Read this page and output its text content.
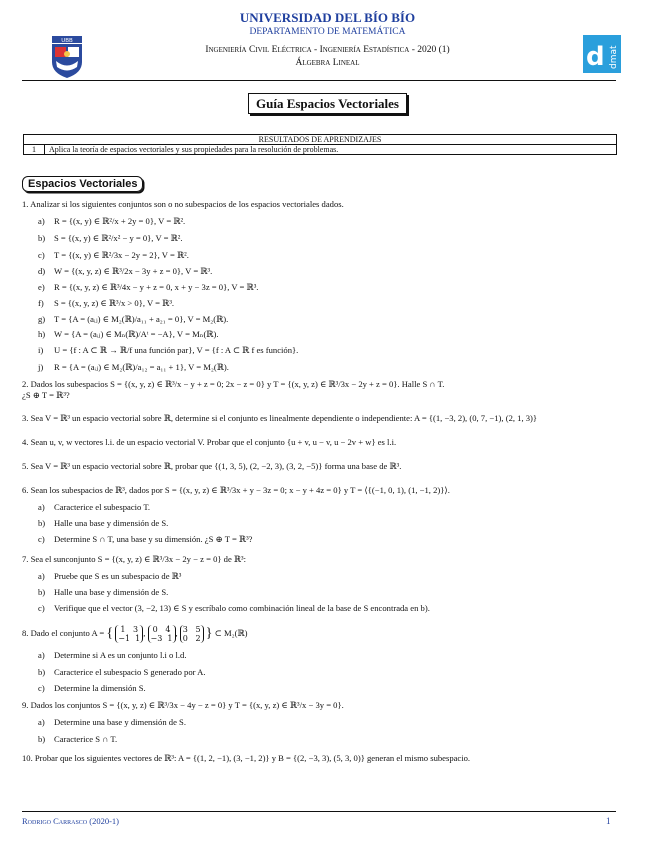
UNIVERSIDAD DEL BÍO BÍO
DEPARTAMENTO DE MATEMÁTICA
Ingeniería Civil Eléctrica - Ingeniería Estadística - 2020 (1)
Álgebra Lineal
UBB
d dmat
Guía Espacios Vectoriales
RESULTADOS DE APRENDIZAJES
1	Aplica la teoría de espacios vectoriales y sus propiedades para la resolución de problemas.
Espacios Vectoriales
1. Analizar si los siguientes conjuntos son o no subespacios de los espacios vectoriales dados.
a) R = {(x, y) ∈ ℝ²/x + 2y = 0}, V = ℝ².
b) S = {(x, y) ∈ ℝ²/x² − y = 0}, V = ℝ².
c) T = {(x, y) ∈ ℝ²/3x − 2y = 2}, V = ℝ².
d) W = {(x, y, z) ∈ ℝ³/2x − 3y + z = 0}, V = ℝ³.
e) R = {(x, y, z) ∈ ℝ³/4x − y + z = 0, x + y − 3z = 0}, V = ℝ³.
f) S = {(x, y, z) ∈ ℝ³/x > 0}, V = ℝ³.
g) T = {A = (aᵢⱼ) ∈ M₂(ℝ)/a₁₁ + a₂₁ = 0}, V = M₂(ℝ).
h) W = {A = (aᵢⱼ) ∈ Mₙ(ℝ)/Aᵗ = −A}, V = Mₙ(ℝ).
i) U = {f : A ⊂ ℝ → ℝ/f una función par}, V = {f : A ⊂ ℝ f es función}.
j) R = {A = (aᵢⱼ) ∈ M₂(ℝ)/a₁₂ = a₁₁ + 1}, V = M₂(ℝ).
2. Dados los subespacios S = {(x, y, z) ∈ ℝ³/x − y + z = 0; 2x − z = 0} y T = {(x, y, z) ∈ ℝ³/3x − 2y + z = 0}. Halle S ∩ T.
¿S ⊕ T = ℝ³?
3. Sea V = ℝ³ un espacio vectorial sobre ℝ, determine si el conjunto es linealmente dependiente o independiente: A = {(1, −3, 2), (0, 7, −1), (2, 1, 3)}
4. Sean u, v, w vectores l.i. de un espacio vectorial V. Probar que el conjunto {u + v, u − v, u − 2v + w} es l.i.
5. Sea V = ℝ³ un espacio vectorial sobre ℝ, probar que {(1, 3, 5), (2, −2, 3), (3, 2, −5)} forma una base de ℝ³.
6. Sean los subespacios de ℝ³, dados por S = {(x, y, z) ∈ ℝ³/3x + y − 3z = 0; x − y + 4z = 0} y T = ⟨{(−1, 0, 1), (1, −1, 2)}⟩.
a) Caracterice el subespacio T.
b) Halle una base y dimensión de S.
c) Determine S ∩ T, una base y su dimensión. ¿S ⊕ T = ℝ³?
7. Sea el sunconjunto S = {(x, y, z) ∈ ℝ³/3x − 2y − z = 0} de ℝ³:
a) Pruebe que S es un subespacio de ℝ³
b) Halle una base y dimensión de S.
c) Verifique que el vector (3, −2, 13) ∈ S y escríbalo como combinación lineal de la base de S encontrada en b).
8. Dado el conjunto A = { 1 3
−1 1, 0 4
−3 1, 3 5
0 2 } ⊂ M₂(ℝ)
a) Determine si A es un conjunto l.i o l.d.
b) Caracterice el subespacio S generado por A.
c) Determine la dimensión S.
9. Dados los conjuntos S = {(x, y, z) ∈ ℝ³/3x − 4y − z = 0} y T = {(x, y, z) ∈ ℝ³/x − 3y = 0}.
a) Determine una base y dimensión de S.
b) Caracterice S ∩ T.
10. Probar que los siguientes vectores de ℝ³: A = {(1, 2, −1), (3, −1, 2)} y B = {(2, −3, 3), (5, 3, 0)} generan el mismo subespacio.
Rodrigo Carrasco (2020-1)	1
